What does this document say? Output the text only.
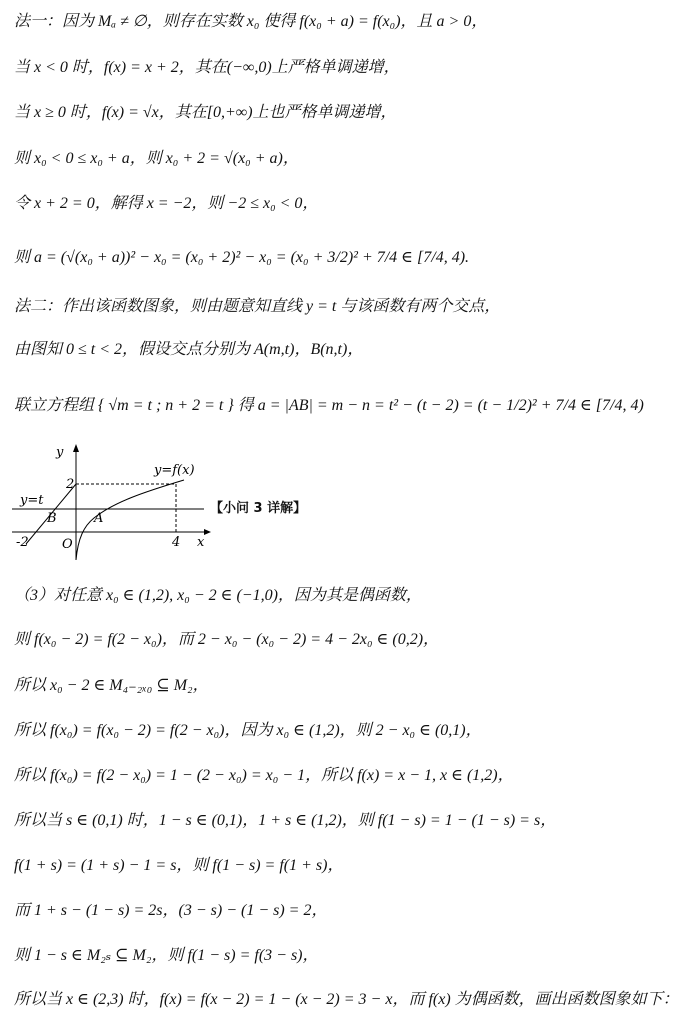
法一：因为 Mₐ ≠ ∅，则存在实数 x₀ 使得 f(x₀ + a) = f(x₀)，且 a > 0，
当 x < 0 时，f(x) = x + 2，其在(−∞,0)上严格单调递增，
当 x ≥ 0 时，f(x) = √x，其在[0,+∞)上也严格单调递增，
则 x₀ < 0 ≤ x₀ + a，则 x₀ + 2 = √(x₀ + a)，
令 x + 2 = 0，解得 x = −2，则 −2 ≤ x₀ < 0，
则 a = (√(x₀ + a))² − x₀ = (x₀ + 2)² − x₀ = (x₀ + 3/2)² + 7/4 ∈ [7/4, 4).
法二：作出该函数图象，则由题意知直线 y = t 与该函数有两个交点，
由图知 0 ≤ t < 2，假设交点分别为 A(m,t)，B(n,t)，
联立方程组 { √m = t ; n + 2 = t } 得 a = |AB| = m − n = t² − (t − 2) = (t − 1/2)² + 7/4 ∈ [7/4, 4)
y
x
y=f(x)
y=t
A
B
O
-2
2
4
【小问 3 详解】
（3）对任意 x₀ ∈ (1,2), x₀ − 2 ∈ (−1,0)，因为其是偶函数，
则 f(x₀ − 2) = f(2 − x₀)，而 2 − x₀ − (x₀ − 2) = 4 − 2x₀ ∈ (0,2)，
所以 x₀ − 2 ∈ M₄₋₂ₓ₀ ⊆ M₂，
所以 f(x₀) = f(x₀ − 2) = f(2 − x₀)，因为 x₀ ∈ (1,2)，则 2 − x₀ ∈ (0,1)，
所以 f(x₀) = f(2 − x₀) = 1 − (2 − x₀) = x₀ − 1，所以 f(x) = x − 1, x ∈ (1,2)，
所以当 s ∈ (0,1) 时，1 − s ∈ (0,1)，1 + s ∈ (1,2)，则 f(1 − s) = 1 − (1 − s) = s，
f(1 + s) = (1 + s) − 1 = s，则 f(1 − s) = f(1 + s)，
而 1 + s − (1 − s) = 2s，(3 − s) − (1 − s) = 2，
则 1 − s ∈ M₂ₛ ⊆ M₂，则 f(1 − s) = f(3 − s)，
所以当 x ∈ (2,3) 时，f(x) = f(x − 2) = 1 − (x − 2) = 3 − x，而 f(x) 为偶函数，画出函数图象如下：
